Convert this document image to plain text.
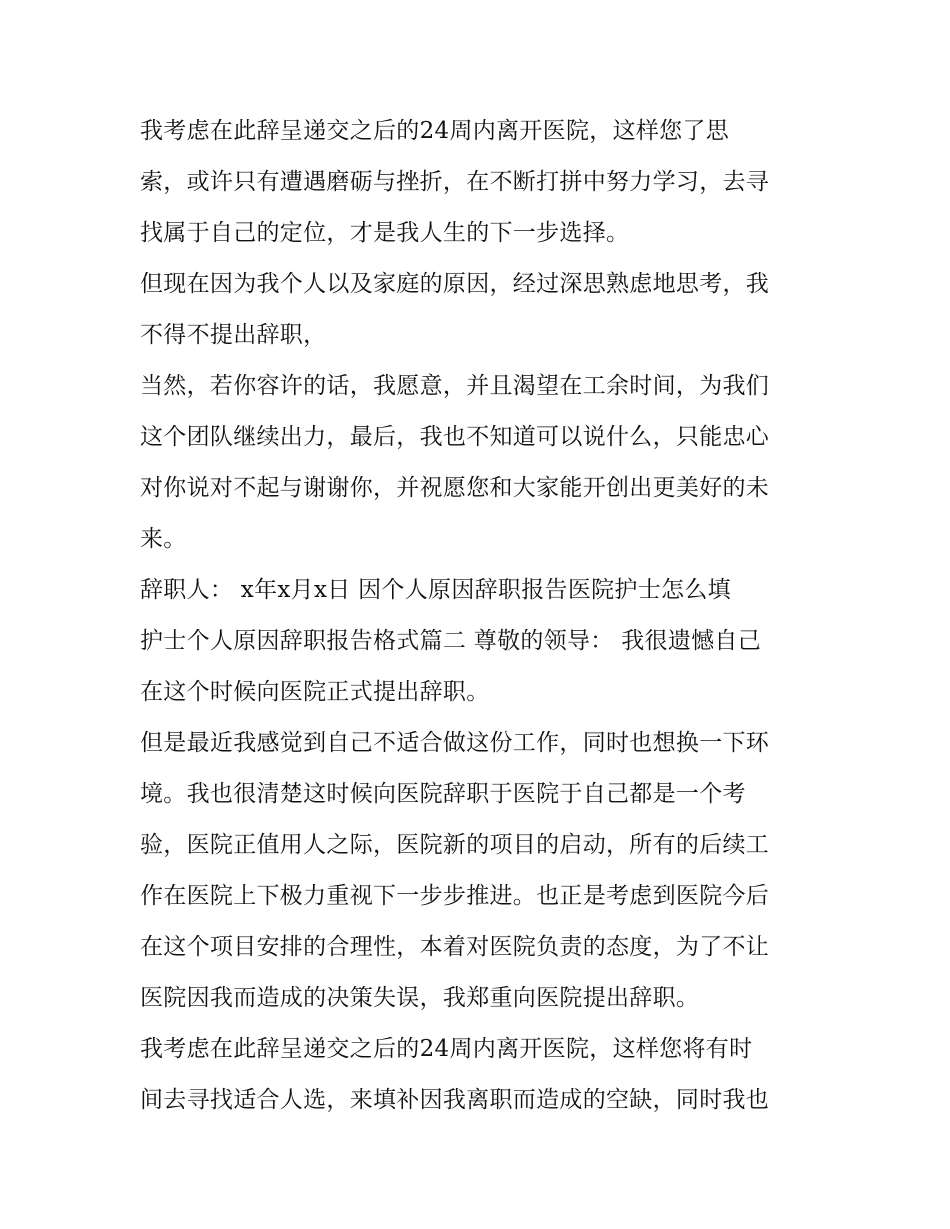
我考虑在此辞呈递交之后的24周内离开医院，这样您了思
索，或许只有遭遇磨砺与挫折，在不断打拼中努力学习，去寻
找属于自己的定位，才是我人生的下一步选择。
但现在因为我个人以及家庭的原因，经过深思熟虑地思考，我
不得不提出辞职，
当然，若你容许的话，我愿意，并且渴望在工余时间，为我们
这个团队继续出力，最后，我也不知道可以说什么，只能忠心
对你说对不起与谢谢你，并祝愿您和大家能开创出更美好的未
来。
辞职人： x年x月x日 因个人原因辞职报告医院护士怎么填
护士个人原因辞职报告格式篇二 尊敬的领导： 我很遗憾自己
在这个时候向医院正式提出辞职。
但是最近我感觉到自己不适合做这份工作，同时也想换一下环
境。我也很清楚这时候向医院辞职于医院于自己都是一个考
验，医院正值用人之际，医院新的项目的启动，所有的后续工
作在医院上下极力重视下一步步推进。也正是考虑到医院今后
在这个项目安排的合理性，本着对医院负责的态度，为了不让
医院因我而造成的决策失误，我郑重向医院提出辞职。
我考虑在此辞呈递交之后的24周内离开医院，这样您将有时
间去寻找适合人选，来填补因我离职而造成的空缺，同时我也
